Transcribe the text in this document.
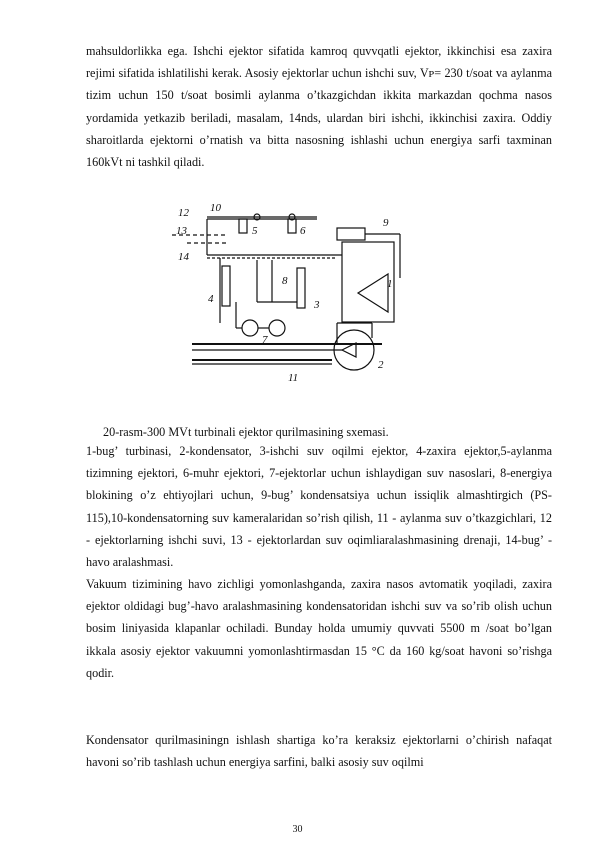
mahsuldorlikka ega. Ishchi ejektor sifatida kamroq quvvqatli ejektor, ikkinchisi esa zaxira rejimi sifatida ishlatilishi kerak. Asosiy ejektorlar uchun ishchi suv, Vᴘ= 230 t/soat va aylanma tizim uchun 150 t/soat bosimli aylanma o’tkazgichdan ikkita markazdan qochma nasos yordamida yetkazib beriladi, masalam, 14nds, ulardan biri ishchi, ikkinchisi zaxira. Oddiy sharoitlarda ejektorni o’rnatish va bitta nasosning ishlashi uchun energiya sarfi taxminan 160kVt ni tashkil qiladi.

2
1
3
4
5	6
7
8
9
10
11
12
13
14
20-rasm-300 MVt turbinali ejektor qurilmasining sxemasi.

1-bug’ turbinasi, 2-kondensator, 3-ishchi suv oqilmi ejektor, 4-zaxira ejektor,5-aylanma tizimning ejektori, 6-muhr ejektori, 7-ejektorlar uchun ishlaydigan suv nasoslari, 8-energiya blokining o’z ehtiyojlari uchun, 9-bug’ kondensatsiya uchun issiqlik almashtirgich (PS-115),10-kondensatorning suv kameralaridan so’rish qilish, 11 - aylanma suv o’tkazgichlari, 12 - ejektorlarning ishchi suvi, 13 - ejektorlardan suv oqimliaralashmasining drenaji, 14-bug’ - havo aralashmasi.

Vakuum tizimining havo zichligi yomonlashganda, zaxira nasos avtomatik yoqiladi, zaxira ejektor oldidagi bug’-havo aralashmasining kondensatoridan ishchi suv va so’rib olish uchun bosim liniyasida klapanlar ochiladi. Bunday holda umumiy quvvati 5500 m /soat bo’lgan ikkala asosiy ejektor vakuumni yomonlashtirmasdan 15 °C da 160 kg/soat havoni so’rishga qodir.

Kondensator qurilmasiningn ishlash shartiga ko’ra keraksiz ejektorlarni o’chirish nafaqat havoni so’rib tashlash uchun energiya sarfini, balki asosiy suv oqilmi

30
